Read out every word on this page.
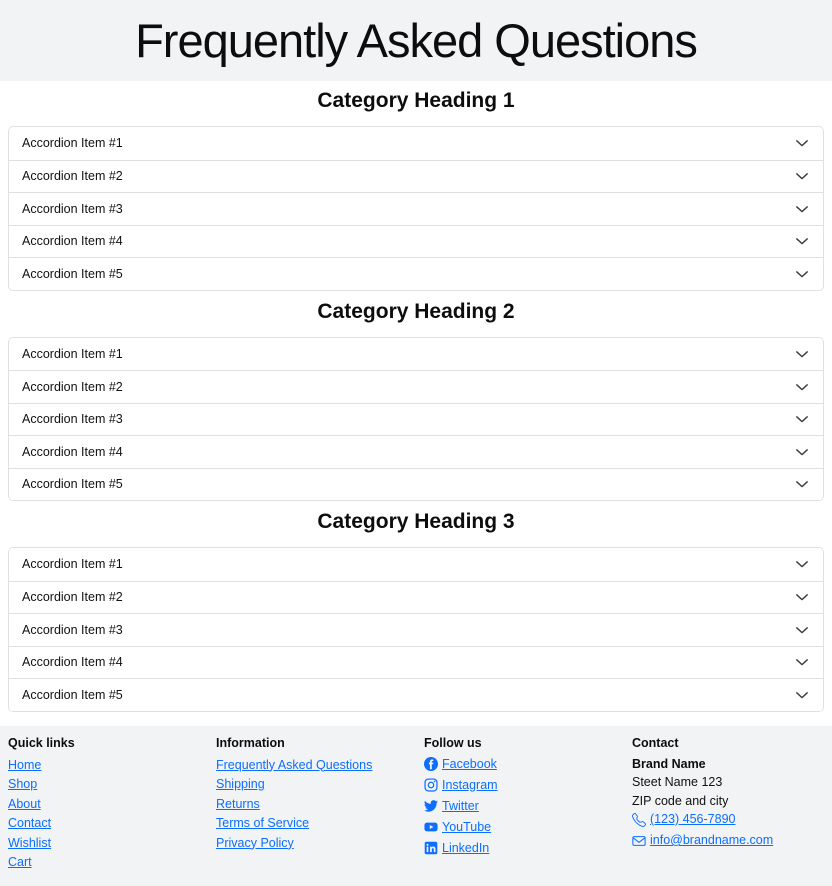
Frequently Asked Questions
Category Heading 1
Accordion Item #1
Accordion Item #2
Accordion Item #3
Accordion Item #4
Accordion Item #5
Category Heading 2
Accordion Item #1
Accordion Item #2
Accordion Item #3
Accordion Item #4
Accordion Item #5
Category Heading 3
Accordion Item #1
Accordion Item #2
Accordion Item #3
Accordion Item #4
Accordion Item #5
Quick links
Home
Shop
About
Contact
Wishlist
Cart
Information
Frequently Asked Questions
Shipping
Returns
Terms of Service
Privacy Policy
Follow us
Facebook
Instagram
Twitter
YouTube
LinkedIn
Contact
Brand Name
Steet Name 123
ZIP code and city
(123) 456-7890
info@brandname.com
